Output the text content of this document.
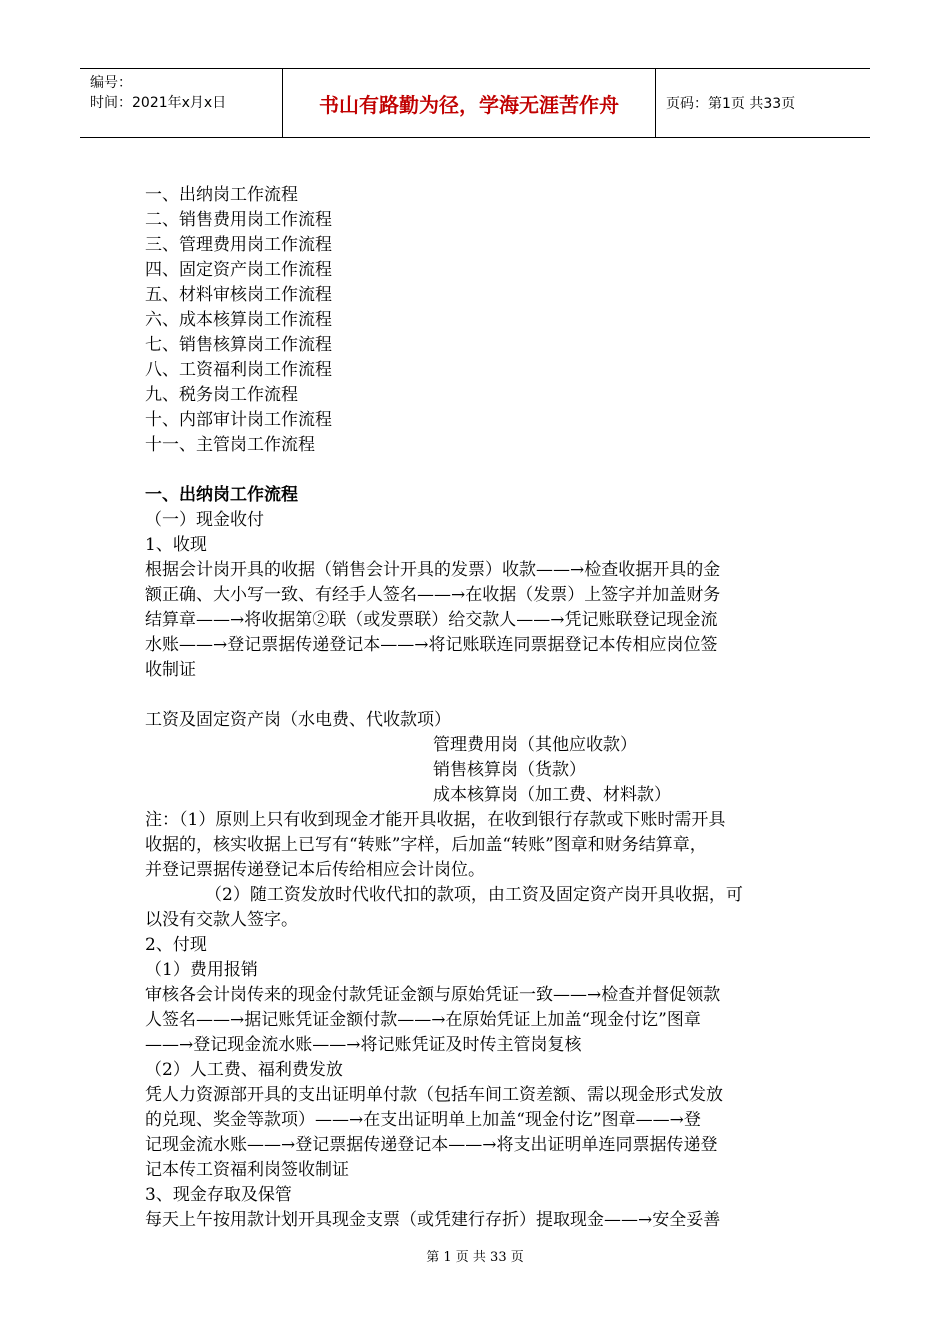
编号：
时间：2021年x月x日	书山有路勤为径，学海无涯苦作舟	页码：第1页 共33页

一、出纳岗工作流程

二、销售费用岗工作流程

三、管理费用岗工作流程

四、固定资产岗工作流程

五、材料审核岗工作流程

六、成本核算岗工作流程

七、销售核算岗工作流程

八、工资福利岗工作流程

九、税务岗工作流程

十、内部审计岗工作流程

十一、主管岗工作流程

一、出纳岗工作流程

（一）现金收付

1、收现

根据会计岗开具的收据（销售会计开具的发票）收款——→检查收据开具的金

额正确、大小写一致、有经手人签名——→在收据（发票）上签字并加盖财务

结算章——→将收据第②联（或发票联）给交款人——→凭记账联登记现金流

水账——→登记票据传递登记本——→将记账联连同票据登记本传相应岗位签

收制证

工资及固定资产岗（水电费、代收款项）

管理费用岗（其他应收款）

销售核算岗（货款）

成本核算岗（加工费、材料款）

注：（1）原则上只有收到现金才能开具收据，在收到银行存款或下账时需开具

收据的，核实收据上已写有“转账”字样，后加盖“转账”图章和财务结算章，

并登记票据传递登记本后传给相应会计岗位。

（2）随工资发放时代收代扣的款项，由工资及固定资产岗开具收据，可

以没有交款人签字。

2、付现

（1）费用报销

审核各会计岗传来的现金付款凭证金额与原始凭证一致——→检查并督促领款

人签名——→据记账凭证金额付款——→在原始凭证上加盖“现金付讫”图章

——→登记现金流水账——→将记账凭证及时传主管岗复核

（2）人工费、福利费发放

凭人力资源部开具的支出证明单付款（包括车间工资差额、需以现金形式发放

的兑现、奖金等款项）——→在支出证明单上加盖“现金付讫”图章——→登

记现金流水账——→登记票据传递登记本——→将支出证明单连同票据传递登

记本传工资福利岗签收制证

3、现金存取及保管

每天上午按用款计划开具现金支票（或凭建行存折）提取现金——→安全妥善

第 1 页 共 33 页
